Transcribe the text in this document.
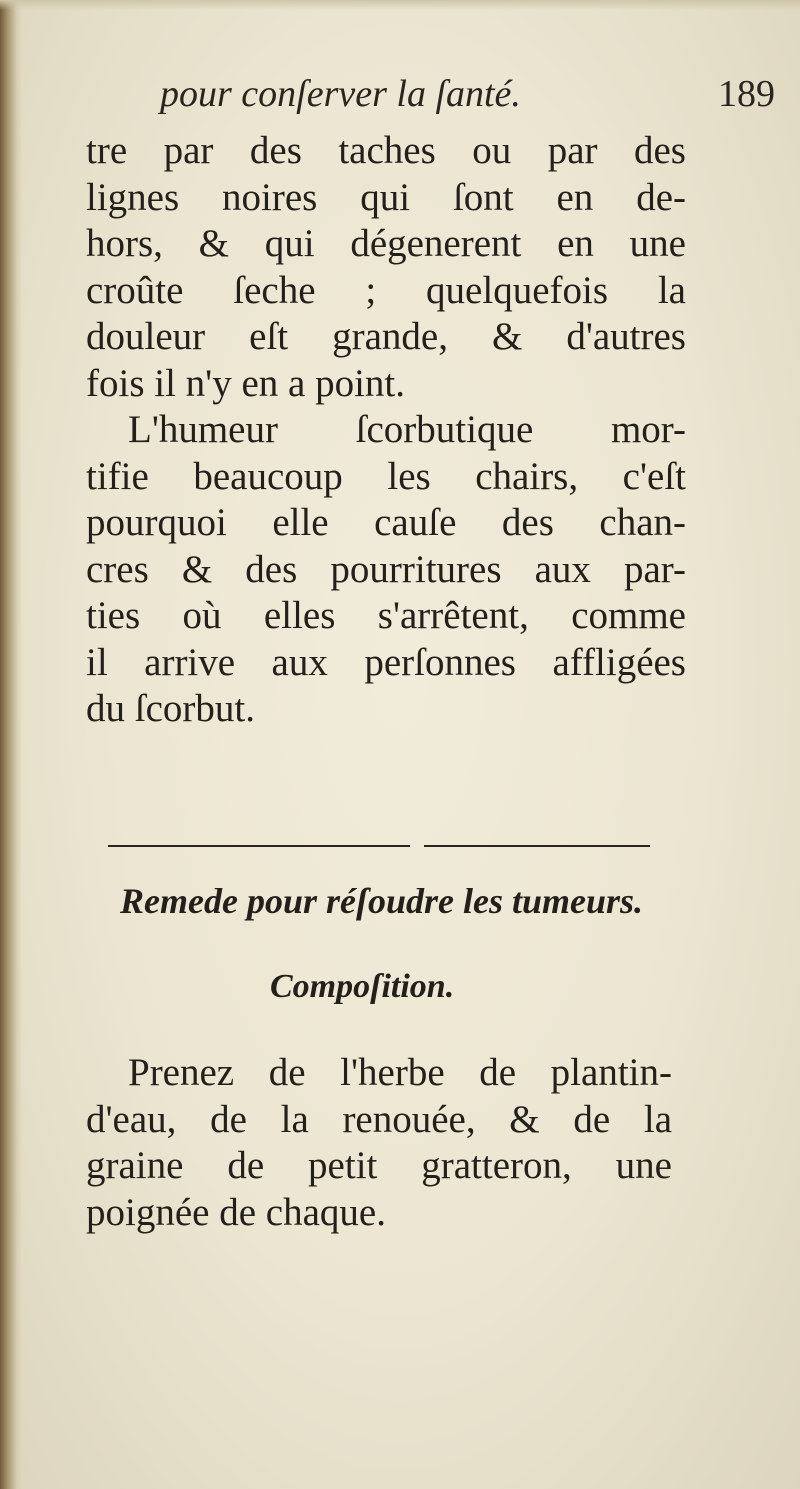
pour conſerver la ſanté.	189
tre par des taches ou par des
lignes noires qui ſont en de-
hors, & qui dégenerent en une
croûte ſeche ; quelquefois la
douleur eſt grande, & d'autres
fois il n'y en a point.
L'humeur ſcorbutique mor-
tifie beaucoup les chairs, c'eſt
pourquoi elle cauſe des chan-
cres & des pourritures aux par-
ties où elles s'arrêtent, comme
il arrive aux perſonnes affligées
du ſcorbut.
Remede pour réſoudre les tumeurs.
Compoſition.
Prenez de l'herbe de plantin-
d'eau, de la renouée, & de la
graine de petit gratteron, une
poignée de chaque.
